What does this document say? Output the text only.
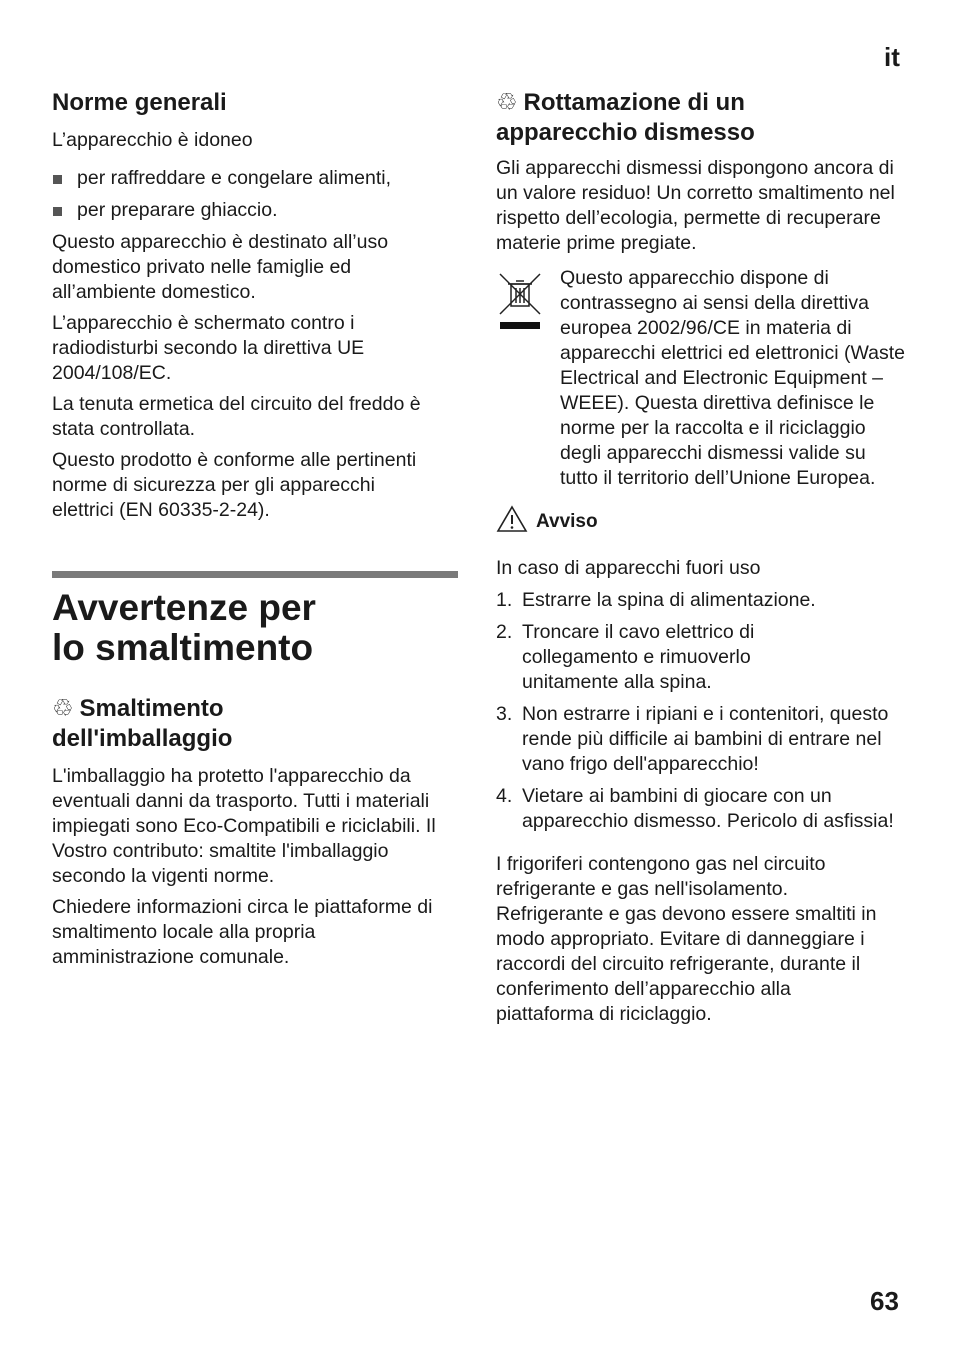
it
Norme generali

L’apparecchio è idoneo

per raffreddare e congelare alimenti,
per preparare ghiaccio.

Questo apparecchio è destinato all’uso domestico privato nelle famiglie ed all’ambiente domestico.

L’apparecchio è schermato contro i radiodisturbi secondo la direttiva UE 2004/108/EC.

La tenuta ermetica del circuito del freddo è stata controllata.

Questo prodotto è conforme alle pertinenti norme di sicurezza per gli apparecchi elettrici (EN 60335-2-24).

Avvertenze per lo smaltimento
♲ Smaltimento dell'imballaggio

L'imballaggio ha protetto l'apparecchio da eventuali danni da trasporto. Tutti i materiali impiegati sono Eco-Compatibili e riciclabili. Il Vostro contributo: smaltite l'imballaggio secondo la vigenti norme.

Chiedere informazioni circa le piattaforme di smaltimento locale alla propria amministrazione comunale.

♲ Rottamazione di un apparecchio dismesso

Gli apparecchi dismessi dispongono ancora di un valore residuo! Un corretto smaltimento nel rispetto dell’ecologia, permette di recuperare materie prime pregiate.

Questo apparecchio dispone di contrassegno ai sensi della direttiva europea 2002/96/CE in materia di apparecchi elettrici ed elettronici (Waste Electrical and Electronic Equipment – WEEE). Questa direttiva definisce le norme per la raccolta e il riciclaggio degli apparecchi dismessi valide su tutto il territorio dell’Unione Europea.

Avviso

In caso di apparecchi fuori uso

1. Estrarre la spina di alimentazione.
2. Troncare il cavo elettrico di collegamento e rimuoverlo unitamente alla spina.
3. Non estrarre i ripiani e i contenitori, questo rende più difficile ai bambini di entrare nel vano frigo dell'apparecchio!
4. Vietare ai bambini di giocare con un apparecchio dismesso. Pericolo di asfissia!

I frigoriferi contengono gas nel circuito refrigerante e gas nell'isolamento. Refrigerante e gas devono essere smaltiti in modo appropriato. Evitare di danneggiare i raccordi del circuito refrigerante, durante il conferimento dell’apparecchio alla piattaforma di riciclaggio.

63
